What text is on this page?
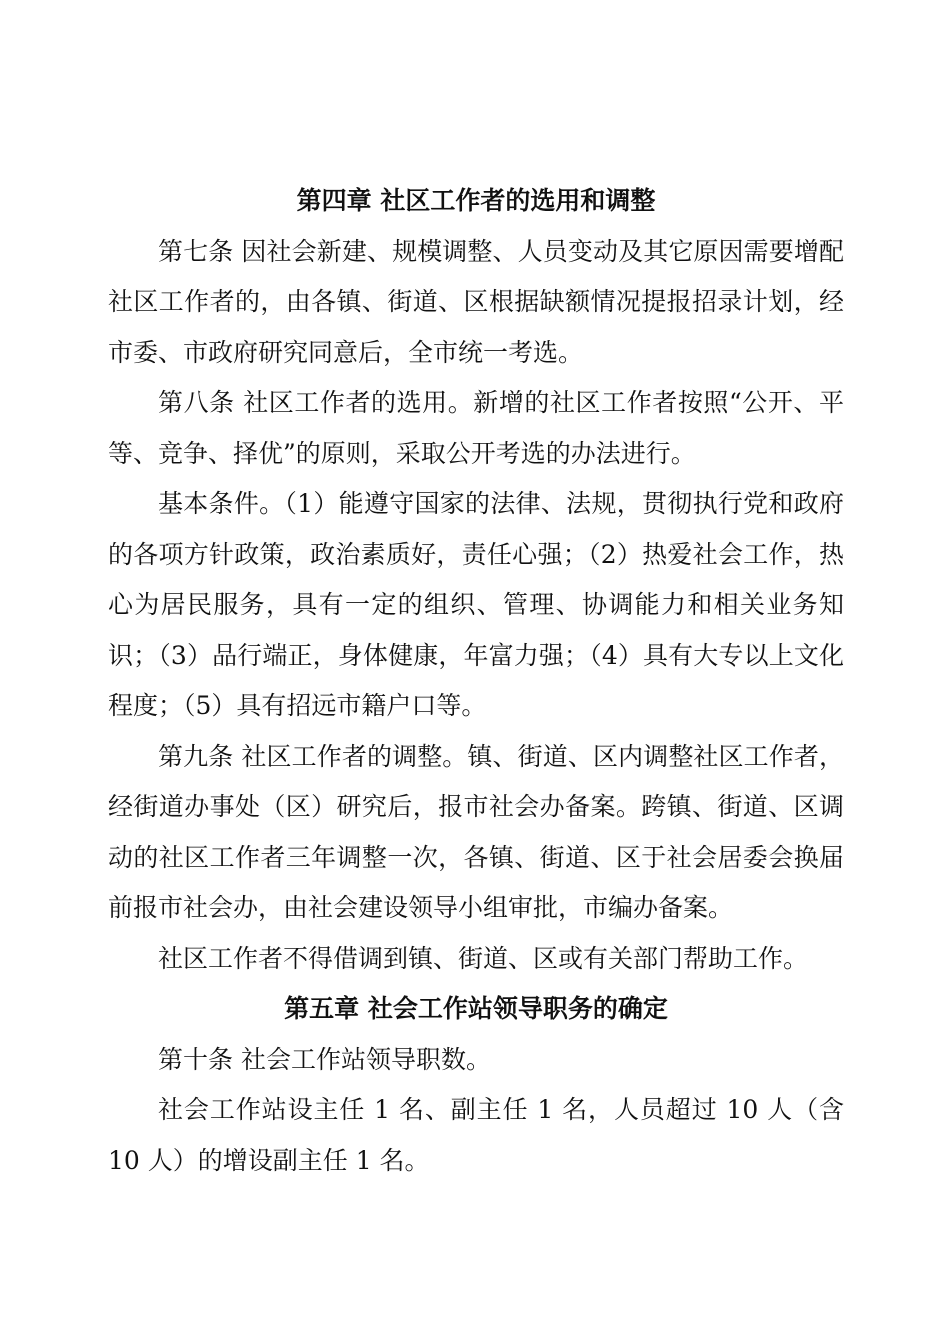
第四章 社区工作者的选用和调整

第七条 因社会新建、规模调整、人员变动及其它原因需要增配社区工作者的，由各镇、街道、区根据缺额情况提报招录计划，经市委、市政府研究同意后，全市统一考选。

第八条 社区工作者的选用。新增的社区工作者按照“公开、平等、竞争、择优”的原则，采取公开考选的办法进行。

基本条件。（1）能遵守国家的法律、法规，贯彻执行党和政府的各项方针政策，政治素质好，责任心强；（2）热爱社会工作，热心为居民服务，具有一定的组织、管理、协调能力和相关业务知识；（3）品行端正，身体健康，年富力强；（4）具有大专以上文化程度；（5）具有招远市籍户口等。

第九条 社区工作者的调整。镇、街道、区内调整社区工作者，经街道办事处（区）研究后，报市社会办备案。跨镇、街道、区调动的社区工作者三年调整一次，各镇、街道、区于社会居委会换届前报市社会办，由社会建设领导小组审批，市编办备案。

社区工作者不得借调到镇、街道、区或有关部门帮助工作。

第五章 社会工作站领导职务的确定

第十条 社会工作站领导职数。

社会工作站设主任 1 名、副主任 1 名，人员超过 10 人（含 10 人）的增设副主任 1 名。
